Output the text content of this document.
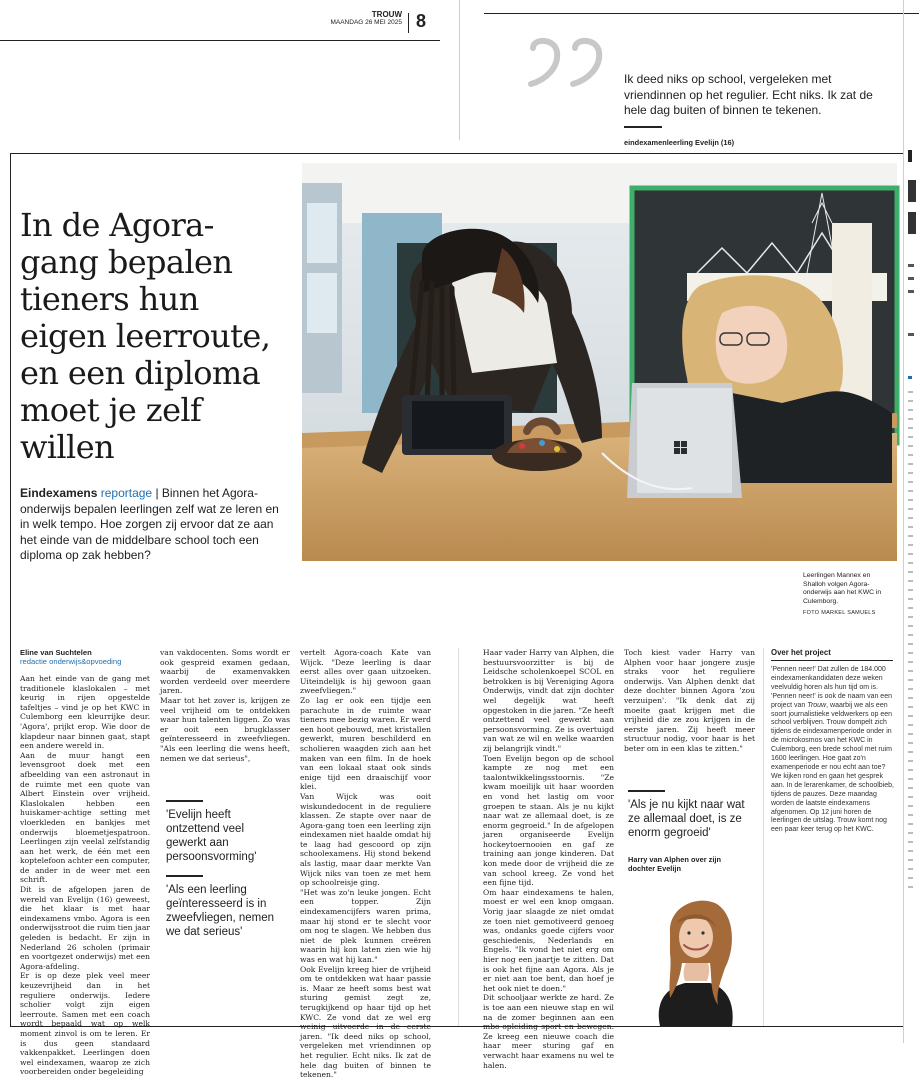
TROUW
MAANDAG 26 MEI 2025 8
Ik deed niks op school, vergeleken met vriendinnen op het regulier. Echt niks. Ik zat de hele dag buiten of binnen te tekenen.
eindexamenleerling Evelijn (16)
In de Agora-gang bepalen tieners hun eigen leerroute, en een diploma moet je zelf willen
Eindexamens reportage | Binnen het Agora-onderwijs bepalen leerlingen zelf wat ze leren en in welk tempo. Hoe zorgen zij ervoor dat ze aan het einde van de middelbare school toch een diploma op zak hebben?
Leerlingen Mannex en Shalloh volgen Agora-onderwijs aan het KWC in Culemborg.
FOTO MARKEL SAMUELS
Eline van Suchtelen
redactie onderwijs&opvoeding
Aan het einde van de gang met traditionele klaslokalen – met keurig in rijen opgestelde tafeltjes – vind je op het KWC in Culemborg een kleurrijke deur. 'Agora', prijkt erop. Wie door de klapdeur naar binnen gaat, stapt een andere wereld in.
Aan de muur hangt een levensgroot doek met een afbeelding van een astronaut in de ruimte met een quote van Albert Einstein over vrijheid. Klaslokalen hebben een huiskamer-achtige setting met vloerkleden en bankjes met onderwijs bloemetjespatroon. Leerlingen zijn veelal zelfstandig aan het werk, de één met een koptelefoon achter een computer, de ander in de weer met een schrift.
Dit is de afgelopen jaren de wereld van Evelijn (16) geweest, die het klaar is met haar eindexamens vmbo. Agora is een onderwijsstroot die ruim tien jaar geleden is bedacht. Er zijn in Nederland 26 scholen (primair en voortgezet onderwijs) met een Agora-afdeling.
Er is op deze plek veel meer keuzevrijheid dan in het reguliere onderwijs. Iedere scholier volgt zijn eigen leerroute. Samen met een coach wordt bepaald wat op welk moment zinvol is om te leren. Er is dus geen standaard vakkenpakket. Leerlingen doen wel eindexamen, waarop ze zich voorbereiden onder begeleiding
van vakdocenten. Soms wordt er ook gespreid examen gedaan, waarbij de examenvakken worden verdeeld over meerdere jaren.
Maar tot het zover is, krijgen ze veel vrijheid om te ontdekken waar hun talenten liggen. Zo was er ooit een brugklasser geïnteresseerd in zweefvliegen. "Als een leerling die wens heeft, nemen we dat serieus",
'Evelijn heeft ontzettend veel gewerkt aan persoonsvorming'
'Als een leerling geïnteresseerd is in zweefvliegen, nemen we dat serieus'
vertelt Agora-coach Kate van Wijck. "Deze leerling is daar eerst alles over gaan uitzoeken. Uiteindelijk is hij gewoon gaan zweefvliegen."
Zo lag er ook een tijdje een parachute in de ruimte waar tieners mee bezig waren. Er werd een hoot gebouwd, met kristallen gewerkt, muren beschilderd en scholieren waagden zich aan het maken van een film. In de hoek van een lokaal staat ook sinds enige tijd een draaischijf voor klei.
Van Wijck was ooit wiskundedocent in de reguliere klassen. Ze stapte over naar de Agora-gang toen een leerling zijn eindexamen niet haalde omdat hij te laag had gescoord op zijn schoolexamens. Hij stond bekend als lastig, maar daar merkte Van Wijck niks van toen ze met hem op schoolreisje ging.
"Het was zo'n leuke jongen. Echt een topper. Zijn eindexamencijfers waren prima, maar hij stond er te slecht voor om nog te slagen. We hebben dus niet de plek kunnen creëren waarin hij kon laten zien wie hij was en wat hij kan."
Ook Evelijn kreeg hier de vrijheid om te ontdekken wat haar passie is. Maar ze heeft soms best wat sturing gemist zegt ze, terugkijkend op haar tijd op het KWC. Ze vond dat ze wel erg weinig uitvoerde in de eerste jaren. "Ik deed niks op school, vergeleken met vriendinnen op het regulier. Echt niks. Ik zat de hele dag buiten of binnen te tekenen."
Haar vader Harry van Alphen, die bestuursvoorzitter is bij de Leidsche scholenkoepel SCOL en betrokken is bij Vereniging Agora Onderwijs, vindt dat zijn dochter wel degelijk wat heeft opgestoken in die jaren. "Ze heeft ontzettend veel gewerkt aan persoonsvorming. Ze is overtuigd van wat ze wil en welke waarden zij belangrijk vindt."
Toen Evelijn begon op de school kampte ze nog met een taalontwikkelingsstoornis. "Ze kwam moeilijk uit haar woorden en vond het lastig om voor groepen te staan. Als je nu kijkt naar wat ze allemaal doet, is ze enorm gegroeid." In de afgelopen jaren organiseerde Evelijn hockeytoernooien en gaf ze training aan jonge kinderen. Dat kon mede door de vrijheid die ze van school kreeg. Ze vond het een fijne tijd.
Om haar eindexamens te halen, moest er wel een knop omgaan. Vorig jaar slaagde ze niet omdat ze toen niet gemotiveerd genoeg was, ondanks goede cijfers voor geschiedenis, Nederlands en Engels. "Ik vond het niet erg om hier nog een jaartje te zitten. Dat is ook het fijne aan Agora. Als je er niet aan toe bent, dan hoef je het ook niet te doen."
Dit schooljaar werkte ze hard. Ze is toe aan een nieuwe stap en wil na de zomer beginnen aan een mbo-opleiding sport en bewegen. Ze kreeg een nieuwe coach die haar meer sturing gaf en verwacht haar examens nu wel te halen.
Toch kiest vader Harry van Alphen voor haar jongere zusje straks voor het reguliere onderwijs. Van Alphen denkt dat deze dochter binnen Agora 'zou verzuipen'. "Ik denk dat zij moeite gaat krijgen met die vrijheid die ze zou krijgen in de eerste jaren. Zij heeft meer structuur nodig, voor haar is het beter om in een klas te zitten."
'Als je nu kijkt naar wat ze allemaal doet, is ze enorm gegroeid'
Harry van Alphen over zijn dochter Evelijn
Over het project
'Pennen neer!' Dat zullen de 184.000 eindexamenkandidaten deze weken veelvuldig horen als hun tijd om is. 'Pennen neer!' is ook de naam van een project van Trouw, waarbij we als een soort journalistieke veldwerkers op een school verblijven. Trouw dompelt zich tijdens de eindexamenperiode onder in de microkosmos van het KWC in Culemborg, een brede school met ruim 1600 leerlingen. Hoe gaat zo'n examenperiode er nou echt aan toe? We kijken rond en gaan het gesprek aan. In de lerarenkamer, de schoolbieb, tijdens de pauzes. Deze maandag worden de laatste eindexamens afgenomen. Op 12 juni horen de leerlingen de uitslag. Trouw komt nog een paar keer terug op het KWC.
